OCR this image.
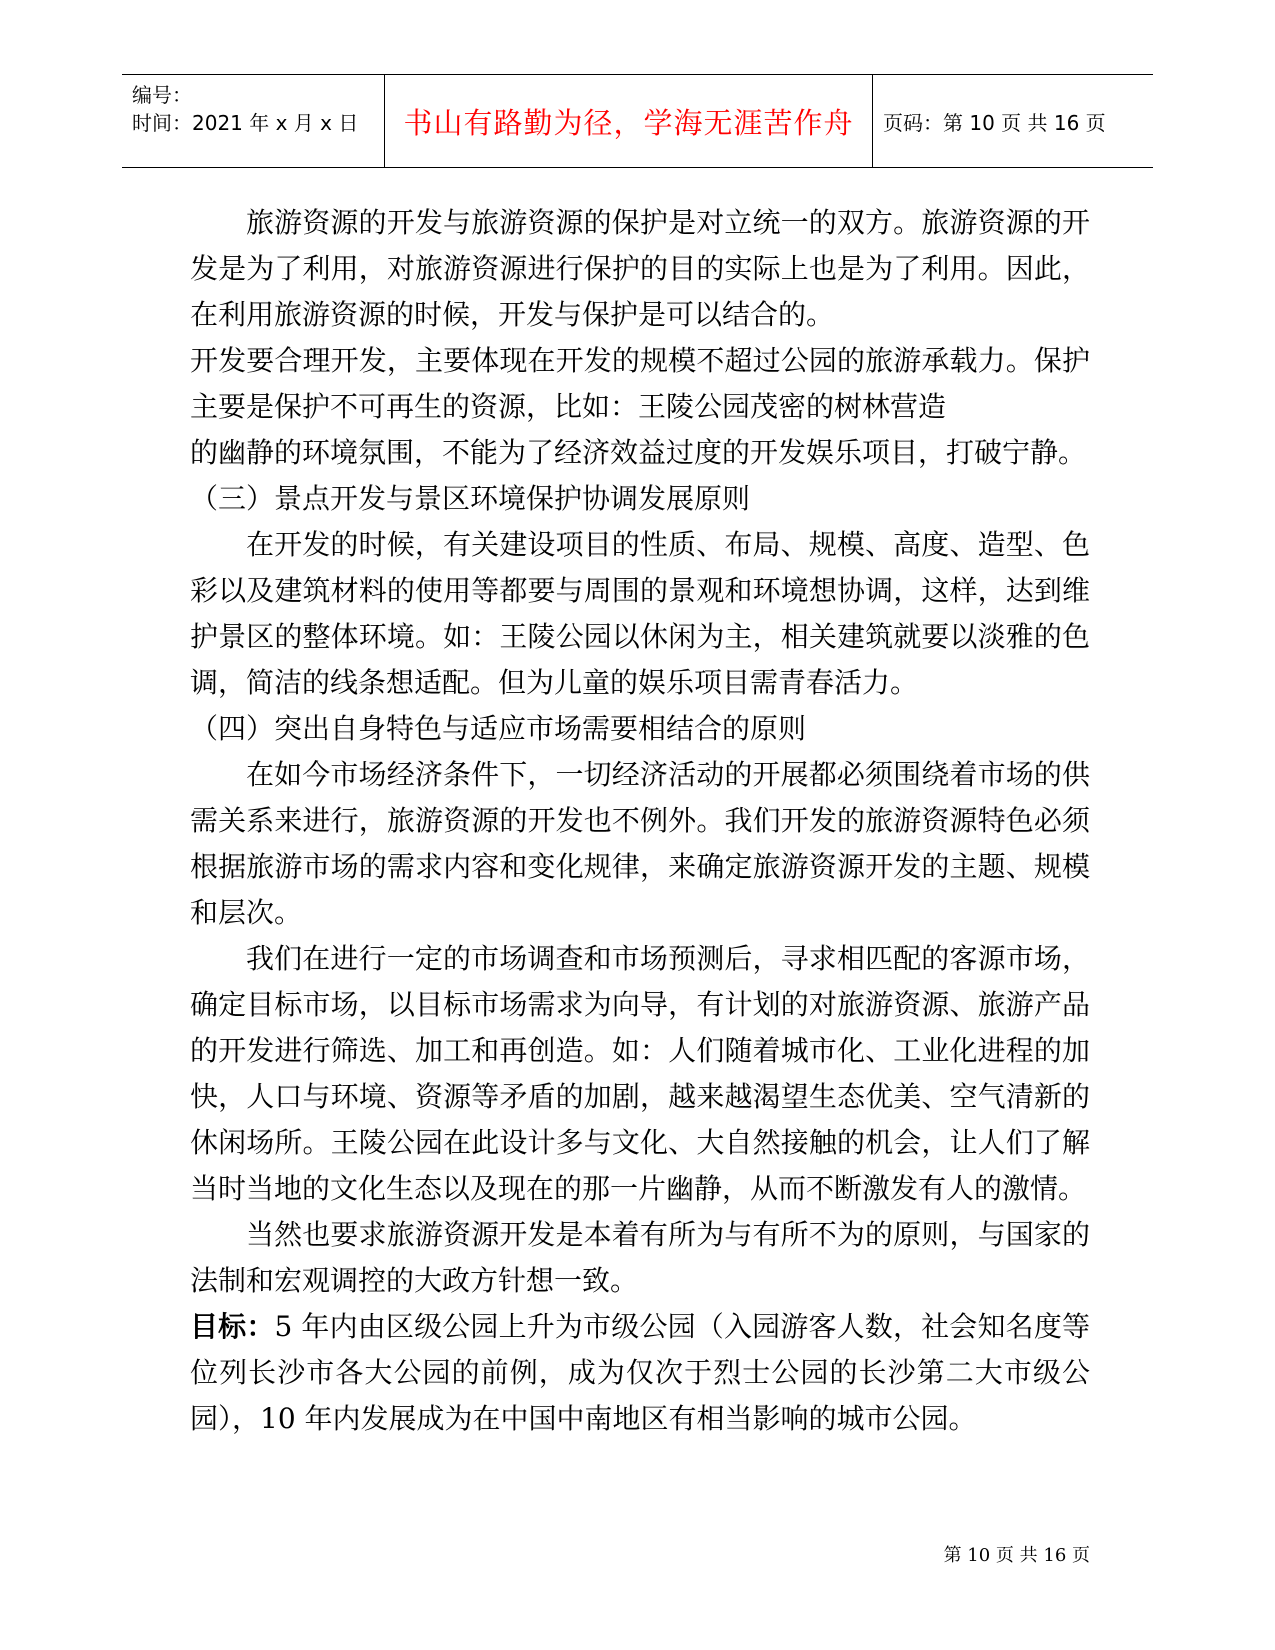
编号：
时间：2021 年 x 月 x 日 书山有路勤为径，学海无涯苦作舟	页码：第 10 页 共 16 页

旅游资源的开发与旅游资源的保护是对立统一的双方。旅游资源的开发是为了利用，对旅游资源进行保护的目的实际上也是为了利用。因此，在利用旅游资源的时候，开发与保护是可以结合的。

开发要合理开发，主要体现在开发的规模不超过公园的旅游承载力。保护主要是保护不可再生的资源，比如：王陵公园茂密的树林营造

的幽静的环境氛围，不能为了经济效益过度的开发娱乐项目，打破宁静。

（三）景点开发与景区环境保护协调发展原则

在开发的时候，有关建设项目的性质、布局、规模、高度、造型、色彩以及建筑材料的使用等都要与周围的景观和环境想协调，这样，达到维护景区的整体环境。如：王陵公园以休闲为主，相关建筑就要以淡雅的色调，简洁的线条想适配。但为儿童的娱乐项目需青春活力。

（四）突出自身特色与适应市场需要相结合的原则

在如今市场经济条件下，一切经济活动的开展都必须围绕着市场的供需关系来进行，旅游资源的开发也不例外。我们开发的旅游资源特色必须根据旅游市场的需求内容和变化规律，来确定旅游资源开发的主题、规模和层次。

我们在进行一定的市场调查和市场预测后，寻求相匹配的客源市场，确定目标市场，以目标市场需求为向导，有计划的对旅游资源、旅游产品的开发进行筛选、加工和再创造。如：人们随着城市化、工业化进程的加快，人口与环境、资源等矛盾的加剧，越来越渴望生态优美、空气清新的休闲场所。王陵公园在此设计多与文化、大自然接触的机会，让人们了解当时当地的文化生态以及现在的那一片幽静，从而不断激发有人的激情。

当然也要求旅游资源开发是本着有所为与有所不为的原则，与国家的法制和宏观调控的大政方针想一致。

目标：5 年内由区级公园上升为市级公园（入园游客人数，社会知名度等位列长沙市各大公园的前例，成为仅次于烈士公园的长沙第二大市级公园），10 年内发展成为在中国中南地区有相当影响的城市公园。

第 10 页 共 16 页
